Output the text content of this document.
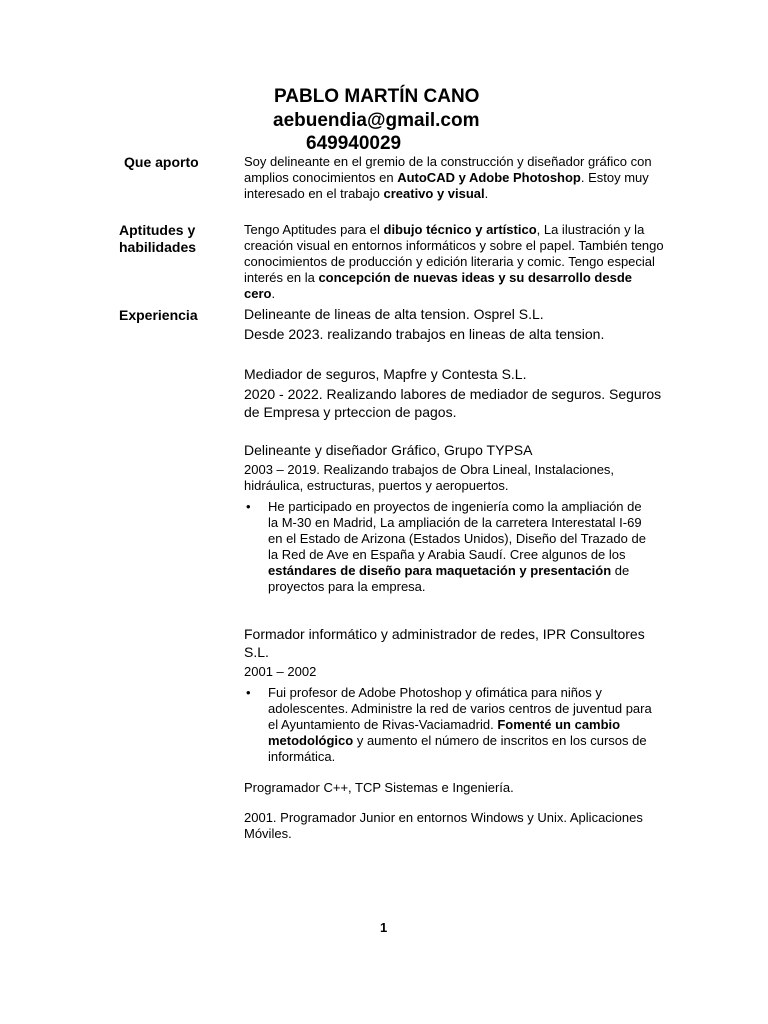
PABLO MARTÍN CANO
aebuendia@gmail.com
649940029
Que aporto	Soy delineante en el gremio de la construcción y diseñador gráfico con amplios conocimientos en AutoCAD y Adobe Photoshop. Estoy muy interesado en el trabajo creativo y visual.
Aptitudes y
habilidades
Tengo Aptitudes para el dibujo técnico y artístico, La ilustración y la creación visual en entornos informáticos y sobre el papel. También tengo conocimientos de producción y edición literaria y comic. Tengo especial interés en la concepción de nuevas ideas y su desarrollo desde cero.
Experiencia	Delineante de lineas de alta tension. Osprel S.L.
Desde 2023. realizando trabajos en lineas de alta tension.
Mediador de seguros, Mapfre y Contesta S.L.
2020 - 2022. Realizando labores de mediador de seguros. Seguros de Empresa y prteccion de pagos.
Delineante y diseñador Gráfico, Grupo TYPSA
2003 – 2019. Realizando trabajos de Obra Lineal, Instalaciones, hidráulica, estructuras, puertos y aeropuertos.
• He participado en proyectos de ingeniería como la ampliación de la M-30 en Madrid, La ampliación de la carretera Interestatal I-69 en el Estado de Arizona (Estados Unidos), Diseño del Trazado de la Red de Ave en España y Arabia Saudí. Cree algunos de los estándares de diseño para maquetación y presentación de proyectos para la empresa.
Formador informático y administrador de redes, IPR Consultores S.L.
2001 – 2002
• Fui profesor de Adobe Photoshop y ofimática para niños y adolescentes. Administre la red de varios centros de juventud para el Ayuntamiento de Rivas-Vaciamadrid. Fomenté un cambio metodológico y aumento el número de inscritos en los cursos de informática.
Programador C++, TCP Sistemas e Ingeniería.
2001. Programador Junior en entornos Windows y Unix. Aplicaciones Móviles.
1
